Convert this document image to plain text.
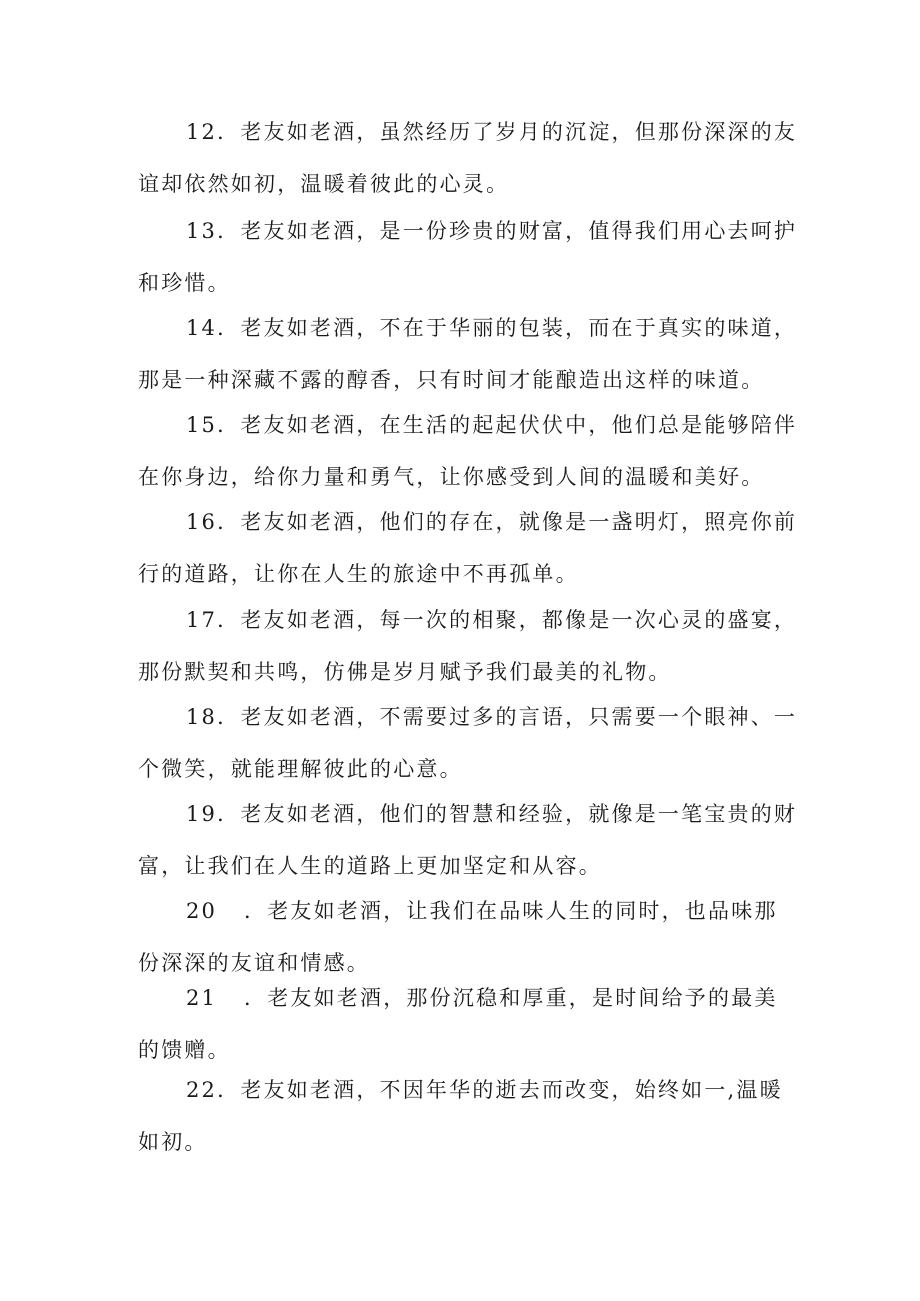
12．老友如老酒，虽然经历了岁月的沉淀，但那份深深的友
谊却依然如初，温暖着彼此的心灵。
13．老友如老酒，是一份珍贵的财富，值得我们用心去呵护
和珍惜。
14．老友如老酒，不在于华丽的包装，而在于真实的味道，
那是一种深藏不露的醇香，只有时间才能酿造出这样的味道。
15．老友如老酒，在生活的起起伏伏中，他们总是能够陪伴
在你身边，给你力量和勇气，让你感受到人间的温暖和美好。
16．老友如老酒，他们的存在，就像是一盏明灯，照亮你前
行的道路，让你在人生的旅途中不再孤单。
17．老友如老酒，每一次的相聚，都像是一次心灵的盛宴，
那份默契和共鸣，仿佛是岁月赋予我们最美的礼物。
18．老友如老酒，不需要过多的言语，只需要一个眼神、一
个微笑，就能理解彼此的心意。
19．老友如老酒，他们的智慧和经验，就像是一笔宝贵的财
富，让我们在人生的道路上更加坚定和从容。
20 ．老友如老酒，让我们在品味人生的同时，也品味那
份深深的友谊和情感。
21 ．老友如老酒，那份沉稳和厚重，是时间给予的最美
的馈赠。
22．老友如老酒，不因年华的逝去而改变，始终如一,温暖
如初。
